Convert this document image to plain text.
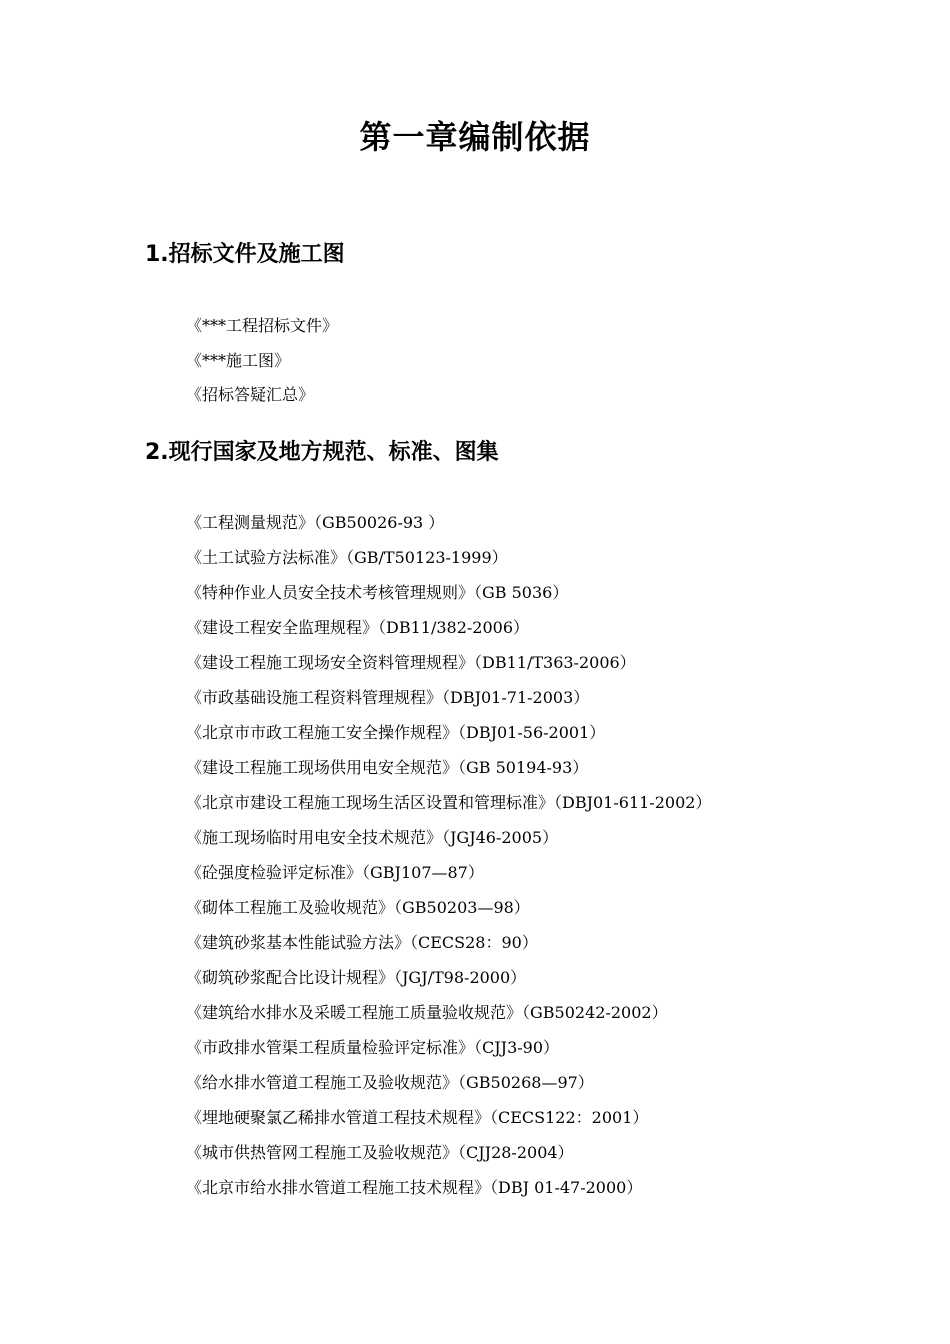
第一章编制依据
1.招标文件及施工图
《***工程招标文件》
《***施工图》
《招标答疑汇总》
2.现行国家及地方规范、标准、图集
《工程测量规范》（GB50026-93 ）
《土工试验方法标准》（GB/T50123-1999）
《特种作业人员安全技术考核管理规则》（GB 5036）
《建设工程安全监理规程》（DB11/382-2006）
《建设工程施工现场安全资料管理规程》（DB11/T363-2006）
《市政基础设施工程资料管理规程》（DBJ01-71-2003）
《北京市市政工程施工安全操作规程》（DBJ01-56-2001）
《建设工程施工现场供用电安全规范》（GB 50194-93）
《北京市建设工程施工现场生活区设置和管理标准》（DBJ01-611-2002）
《施工现场临时用电安全技术规范》（JGJ46-2005）
《砼强度检验评定标准》（GBJ107—87）
《砌体工程施工及验收规范》（GB50203—98）
《建筑砂浆基本性能试验方法》（CECS28：90）
《砌筑砂浆配合比设计规程》（JGJ/T98-2000）
《建筑给水排水及采暖工程施工质量验收规范》（GB50242-2002）
《市政排水管渠工程质量检验评定标准》（CJJ3-90）
《给水排水管道工程施工及验收规范》（GB50268—97）
《埋地硬聚氯乙稀排水管道工程技术规程》（CECS122：2001）
《城市供热管网工程施工及验收规范》（CJJ28-2004）
《北京市给水排水管道工程施工技术规程》（DBJ 01-47-2000）
